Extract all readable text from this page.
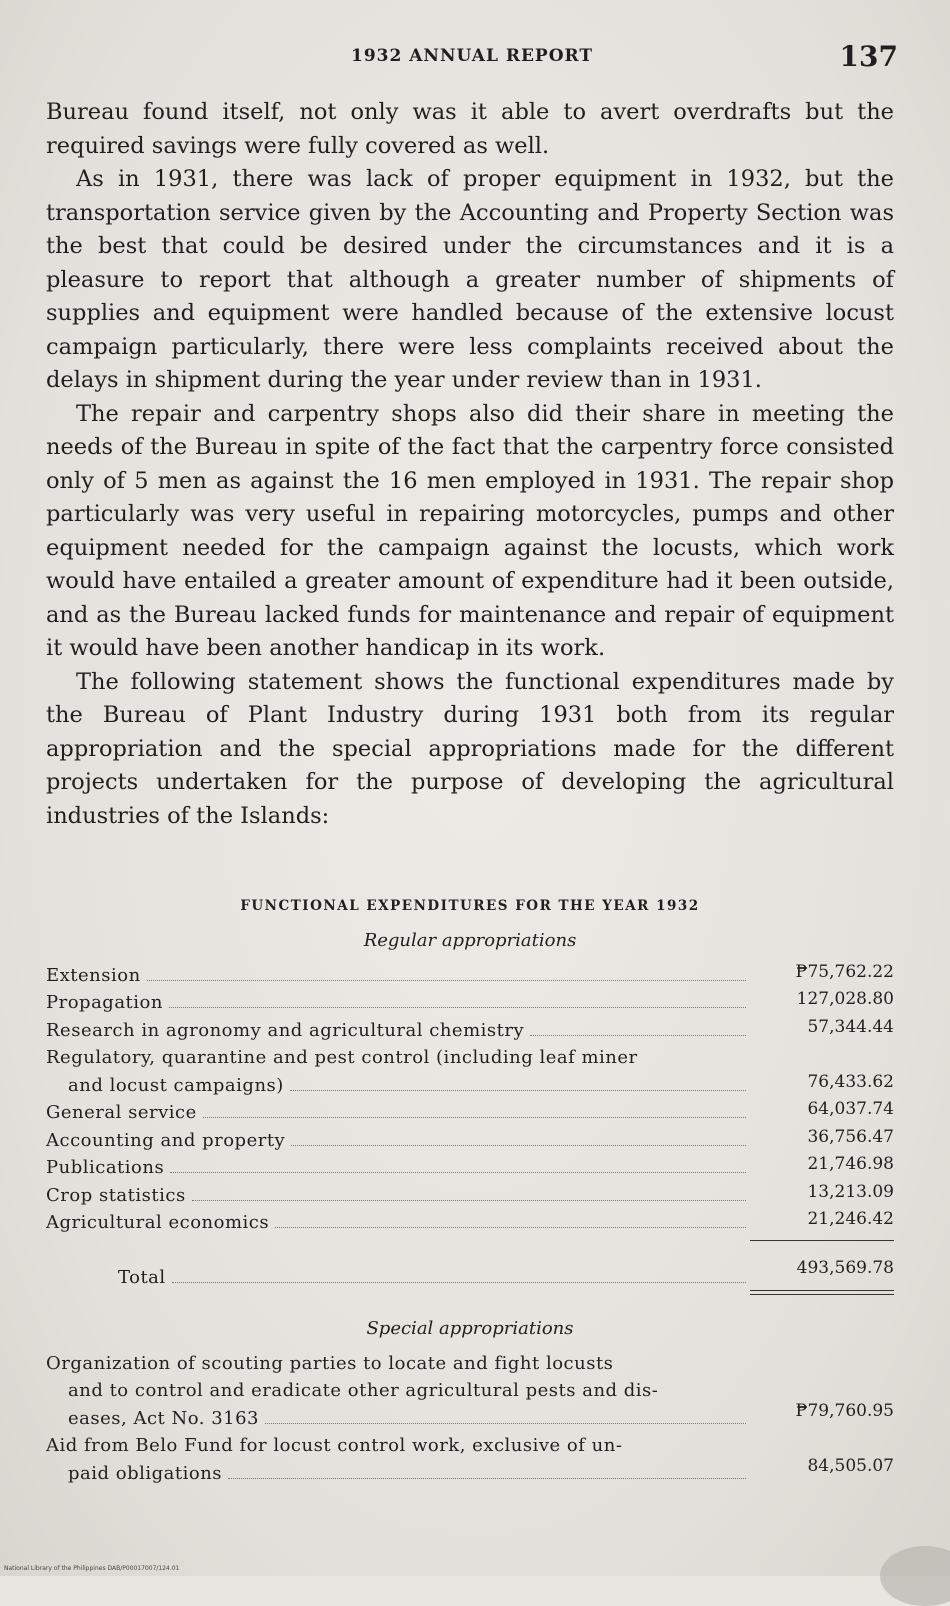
1932 ANNUAL REPORT	137

Bureau found itself, not only was it able to avert overdrafts but the required savings were fully covered as well.

As in 1931, there was lack of proper equipment in 1932, but the transportation service given by the Accounting and Property Section was the best that could be desired under the circumstances and it is a pleasure to report that although a greater number of shipments of supplies and equipment were handled because of the extensive locust campaign particularly, there were less complaints received about the delays in shipment during the year under review than in 1931.

The repair and carpentry shops also did their share in meeting the needs of the Bureau in spite of the fact that the carpentry force consisted only of 5 men as against the 16 men employed in 1931. The repair shop particularly was very useful in repairing motorcycles, pumps and other equipment needed for the campaign against the locusts, which work would have entailed a greater amount of expenditure had it been outside, and as the Bureau lacked funds for maintenance and repair of equipment it would have been another handicap in its work.

The following statement shows the functional expenditures made by the Bureau of Plant Industry during 1931 both from its regular appropriation and the special appropriations made for the different projects undertaken for the purpose of developing the agricultural industries of the Islands:

FUNCTIONAL EXPENDITURES FOR THE YEAR 1932
Regular appropriations
Extension	₱75,762.22
Propagation	127,028.80
Research in agronomy and agricultural chemistry	57,344.44
Regulatory, quarantine and pest control (including leaf miner
and locust campaigns)	76,433.62
General service	64,037.74
Accounting and property	36,756.47
Publications	21,746.98
Crop statistics	13,213.09
Agricultural economics	21,246.42
Total	493,569.78
Special appropriations
Organization of scouting parties to locate and fight locusts
and to control and eradicate other agricultural pests and dis-
eases, Act No. 3163	₱79,760.95
Aid from Belo Fund for locust control work, exclusive of un-
paid obligations	84,505.07
National Library of the Philippines DAB/P00017007/124.01
